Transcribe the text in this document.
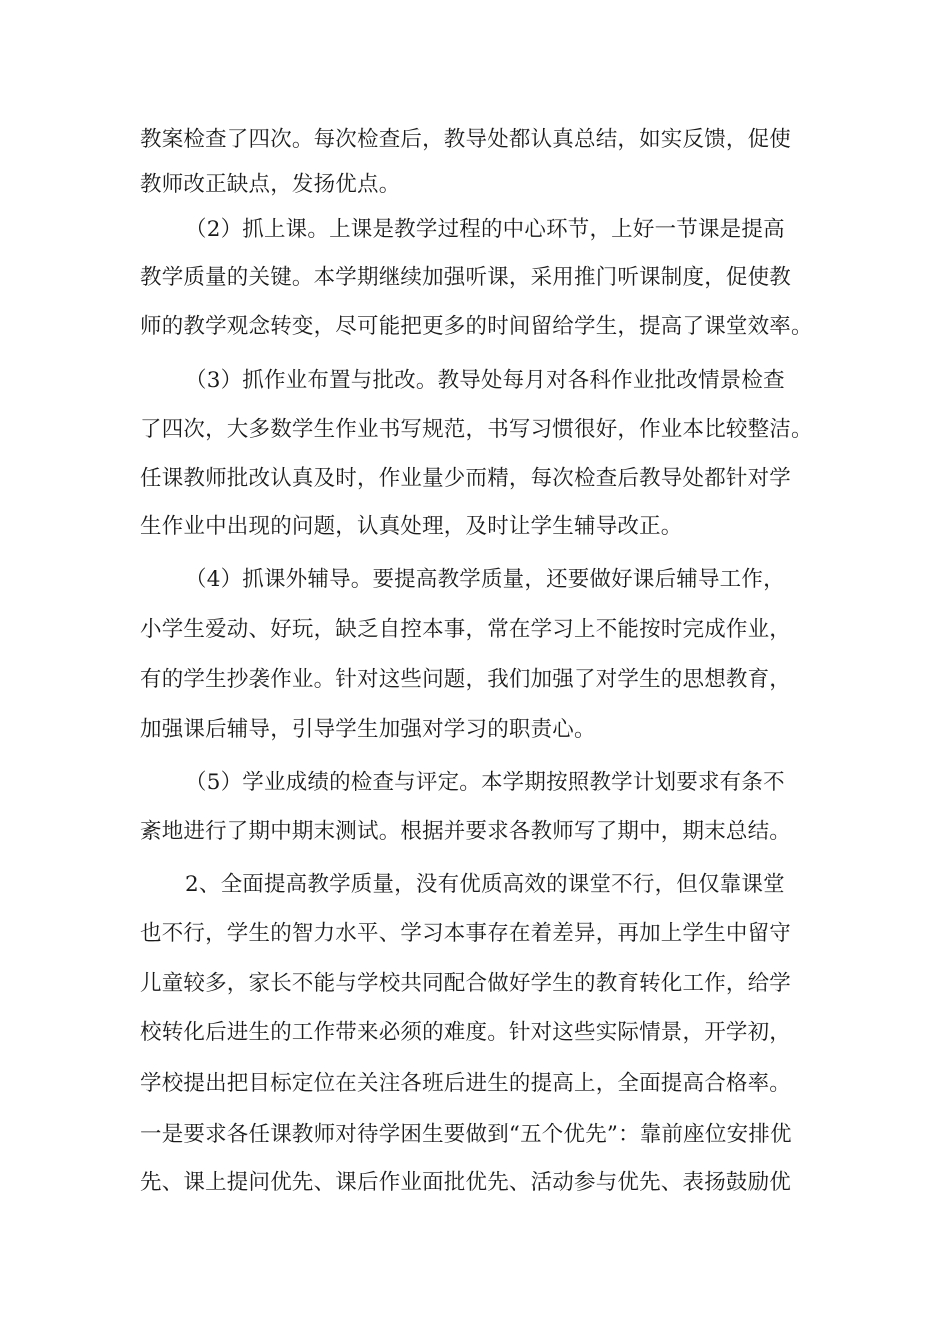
教案检查了四次。每次检查后，教导处都认真总结，如实反馈，促使

教师改正缺点，发扬优点。

（2）抓上课。上课是教学过程的中心环节，上好一节课是提高

教学质量的关键。本学期继续加强听课，采用推门听课制度，促使教

师的教学观念转变，尽可能把更多的时间留给学生，提高了课堂效率。

（3）抓作业布置与批改。教导处每月对各科作业批改情景检查

了四次，大多数学生作业书写规范，书写习惯很好，作业本比较整洁。

任课教师批改认真及时，作业量少而精，每次检查后教导处都针对学

生作业中出现的问题，认真处理，及时让学生辅导改正。

（4）抓课外辅导。要提高教学质量，还要做好课后辅导工作，

小学生爱动、好玩，缺乏自控本事，常在学习上不能按时完成作业，

有的学生抄袭作业。针对这些问题，我们加强了对学生的思想教育，

加强课后辅导，引导学生加强对学习的职责心。

（5）学业成绩的检查与评定。本学期按照教学计划要求有条不

紊地进行了期中期末测试。根据并要求各教师写了期中，期末总结。

2、全面提高教学质量，没有优质高效的课堂不行，但仅靠课堂

也不行，学生的智力水平、学习本事存在着差异，再加上学生中留守

儿童较多，家长不能与学校共同配合做好学生的教育转化工作，给学

校转化后进生的工作带来必须的难度。针对这些实际情景，开学初，

学校提出把目标定位在关注各班后进生的提高上，全面提高合格率。

一是要求各任课教师对待学困生要做到“五个优先”：靠前座位安排优

先、课上提问优先、课后作业面批优先、活动参与优先、表扬鼓励优
